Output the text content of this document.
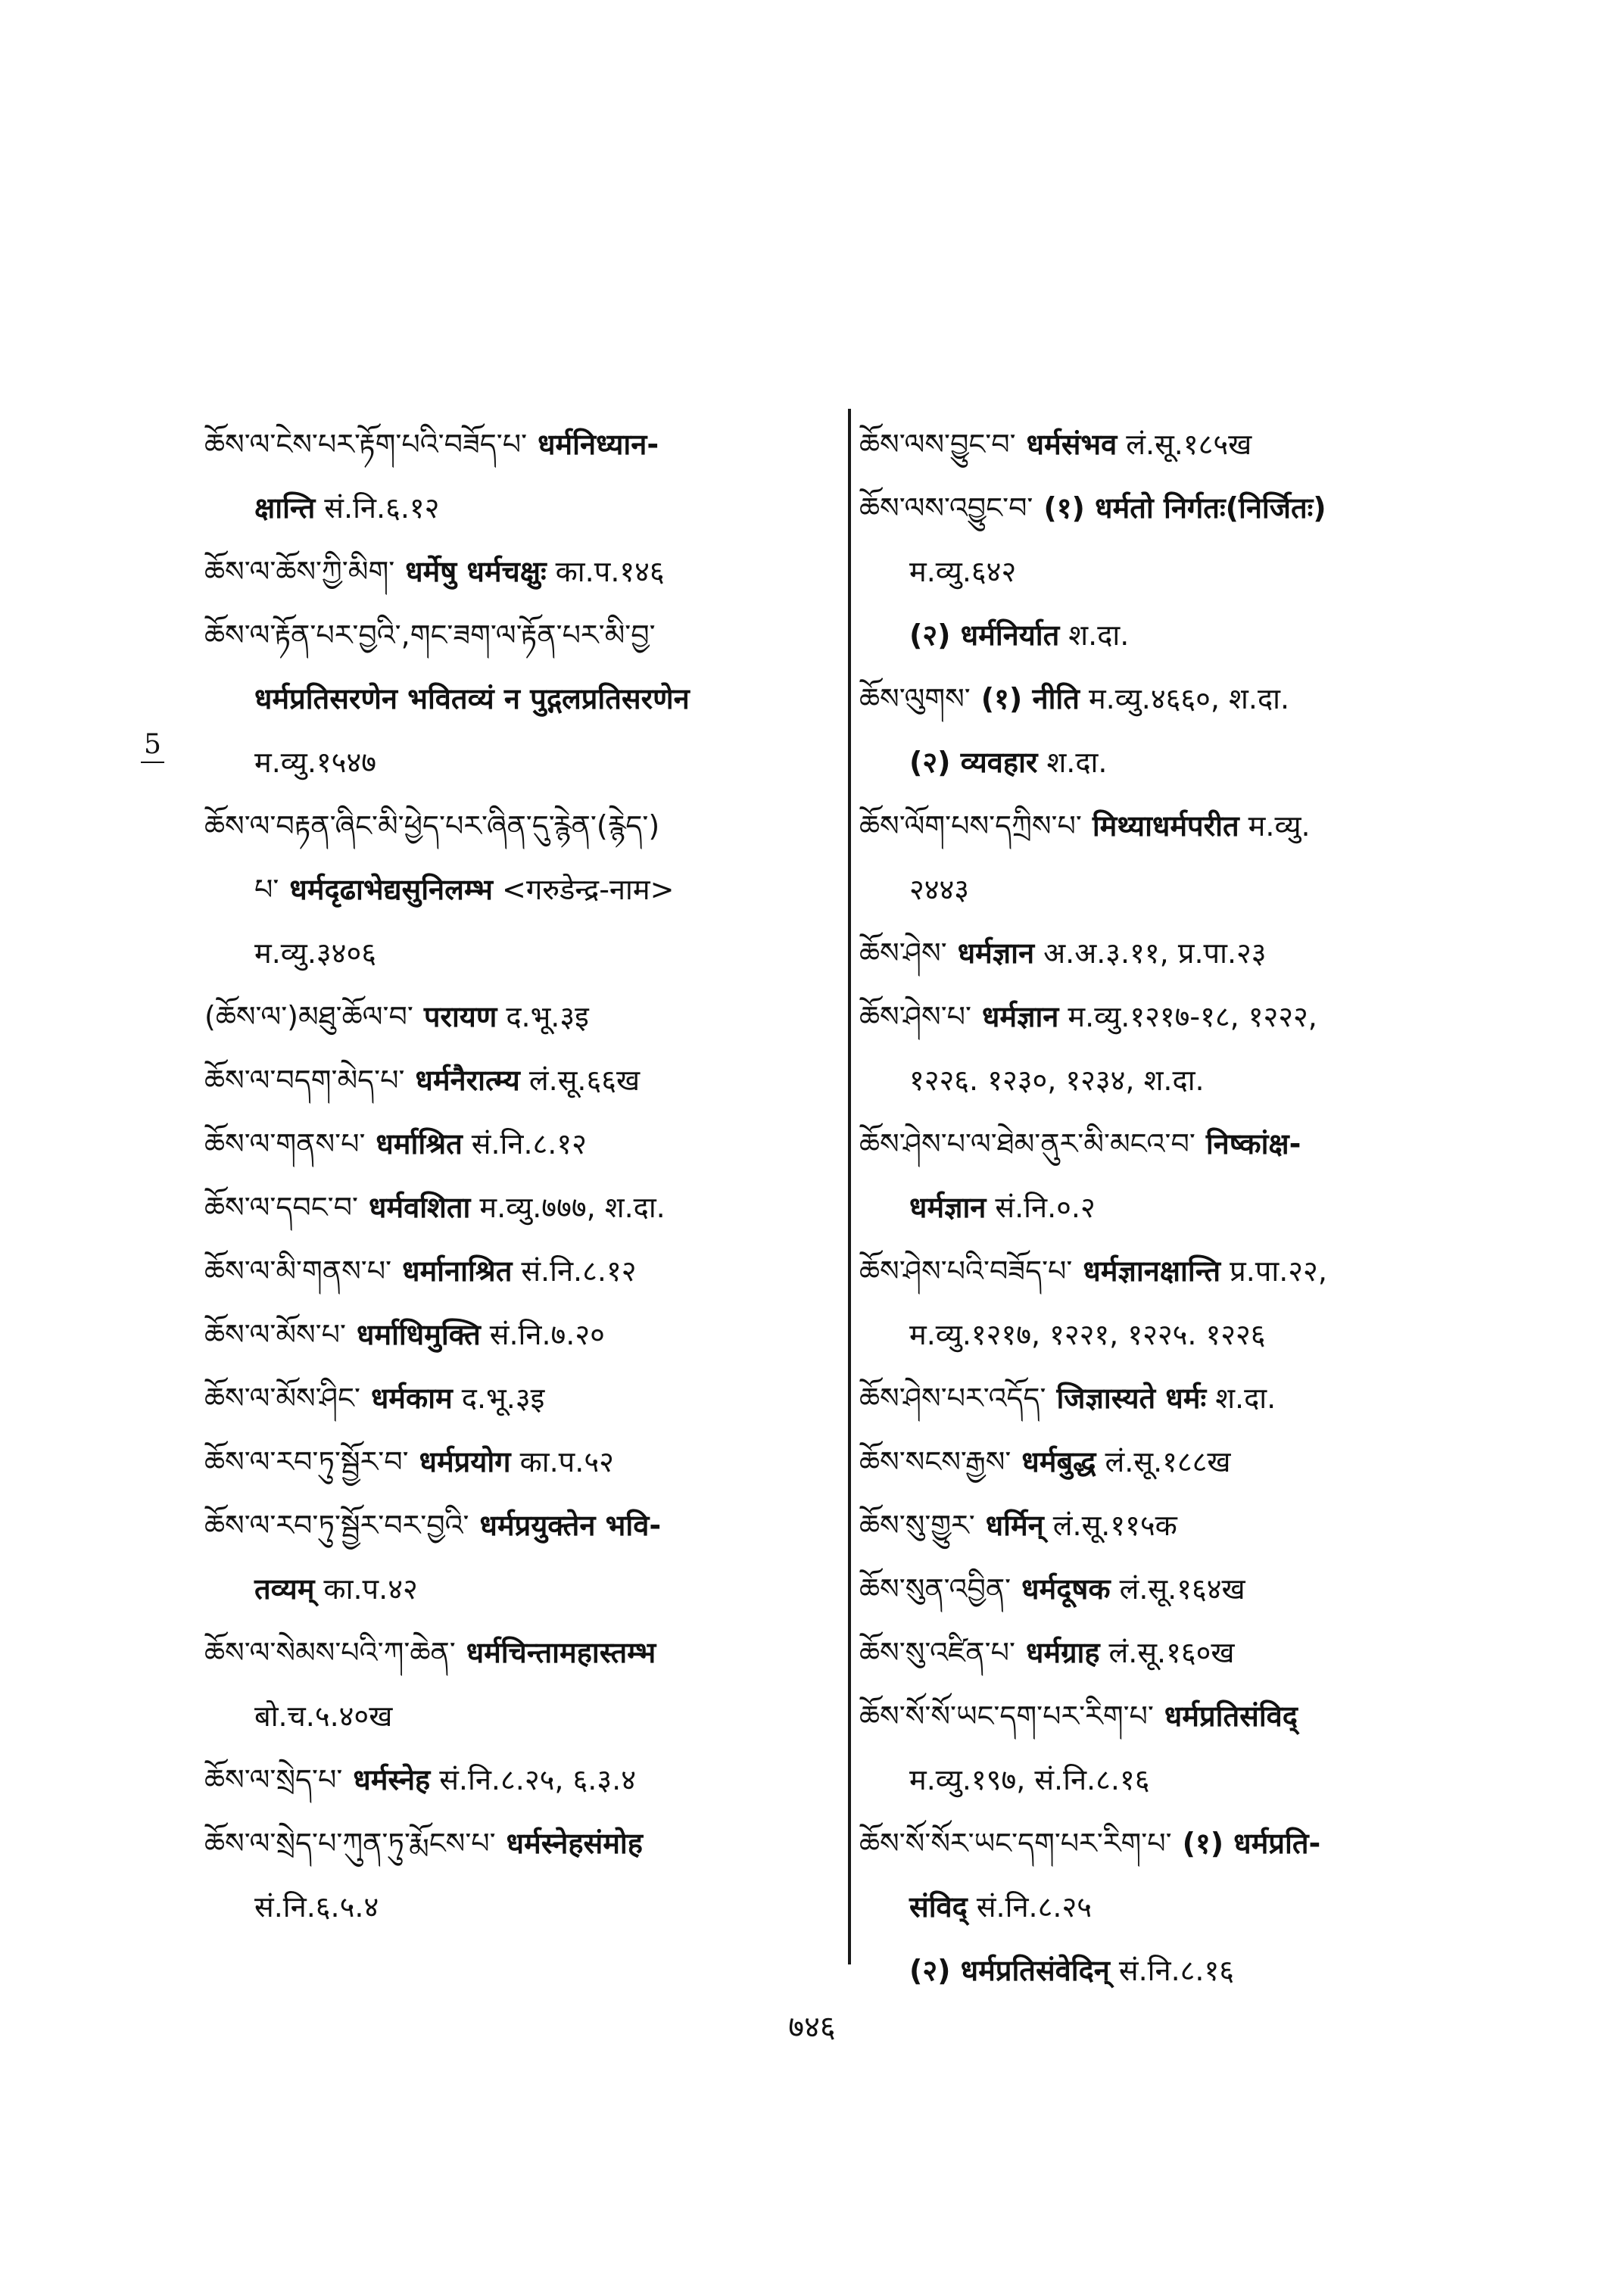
5
ཆོས་ལ་ངེས་པར་རྟོག་པའི་བཟོད་པ་ धर्मनिध्यान-
क्षान्ति सं.नि.६.१२
ཆོས་ལ་ཆོས་ཀྱི་མིག་ धर्मेषु धर्मचक्षुः का.प.१४६
ཆོས་ལ་རྟོན་པར་བྱའི་,གང་ཟག་ལ་རྟོན་པར་མི་བྱ་
धर्मप्रतिसरणेन भवितव्यं न पुद्गलप्रतिसरणेन
म.व्यु.१५४७
ཆོས་ལ་བརྟན་ཞིང་མི་ཕྱེད་པར་ཞིན་དུ་རྙེན་(རྙེད་)
པ་ धर्मदृढाभेद्यसुनिलम्भ <गरुडेन्द्र-नाम>
म.व्यु.३४०६
(ཆོས་ལ་)མཐུ་ཆོལ་བ་ परायण द.भू.३इ
ཆོས་ལ་བདག་མེད་པ་ धर्मनैरात्म्य लं.सू.६६ख
ཆོས་ལ་གནས་པ་ धर्माश्रित सं.नि.८.१२
ཆོས་ལ་དབང་བ་ धर्मवशिता म.व्यु.७७७, श.दा.
ཆོས་ལ་མི་གནས་པ་ धर्मानाश्रित सं.नि.८.१२
ཆོས་ལ་མོས་པ་ धर्माधिमुक्ति सं.नि.७.२०
ཆོས་ལ་མོས་ཤིང་ धर्मकाम द.भू.३इ
ཆོས་ལ་རབ་ཏུ་སྦྱོར་བ་ धर्मप्रयोग का.प.५२
ཆོས་ལ་རབ་ཏུ་སྦྱོར་བར་བྱའི་ धर्मप्रयुक्तेन भवि-
तव्यम् का.प.४२
ཆོས་ལ་སེམས་པའི་ཀ་ཆེན་ धर्मचिन्तामहास्तम्भ
बो.च.५.४०ख
ཆོས་ལ་སྲེད་པ་ धर्मस्नेह सं.नि.८.२५, ६.३.४
ཆོས་ལ་སྲེད་པ་ཀུན་ཏུ་རྨོངས་པ་ धर्मस्नेहसंमोह
सं.नि.६.५.४
ཆོས་ལས་བྱུང་བ་ धर्मसंभव लं.सू.१८५ख
ཆོས་ལས་འབྱུང་བ་ (१) धर्मतो निर्गतः(निर्जितः)
म.व्यु.६४२
(२) धर्मनिर्यात श.दा.
ཆོས་ལུགས་ (१) नीति म.व्यु.४६६०, श.दा.
(२) व्यवहार श.दा.
ཆོས་ལོག་པས་དཀྲིས་པ་ मिथ्याधर्मपरीत म.व्यु.
२४४३
ཆོས་ཤེས་ धर्मज्ञान अ.अ.३.११, प्र.पा.२३
ཆོས་ཤེས་པ་ धर्मज्ञान म.व्यु.१२१७-१८, १२२२,
१२२६. १२३०, १२३४, श.दा.
ཆོས་ཤེས་པ་ལ་ཐེམ་ནུར་མི་མངའ་བ་ निष्कांक्ष-
धर्मज्ञान सं.नि.०.२
ཆོས་ཤེས་པའི་བཟོད་པ་ धर्मज्ञानक्षान्ति प्र.पा.२२,
म.व्यु.१२१७, १२२१, १२२५. १२२६
ཆོས་ཤེས་པར་འདོད་ जिज्ञास्यते धर्मः श.दा.
ཆོས་སངས་རྒྱས་ धर्मबुद्ध लं.सू.१८८ख
ཆོས་སུ་གྱུར་ धर्मिन् लं.सू.११५क
ཆོས་སུན་འབྱིན་ धर्मदूषक लं.सू.१६४ख
ཆོས་སུ་འཛིན་པ་ धर्मग्राह लं.सू.१६०ख
ཆོས་སོ་སོ་ཡང་དག་པར་རིག་པ་ धर्मप्रतिसंविद्
म.व्यु.१९७, सं.नि.८.१६
ཆོས་སོ་སོར་ཡང་དག་པར་རིག་པ་ (१) धर्मप्रति-
संविद् सं.नि.८.२५
(२) धर्मप्रतिसंवेदिन् सं.नि.८.१६
७४६
